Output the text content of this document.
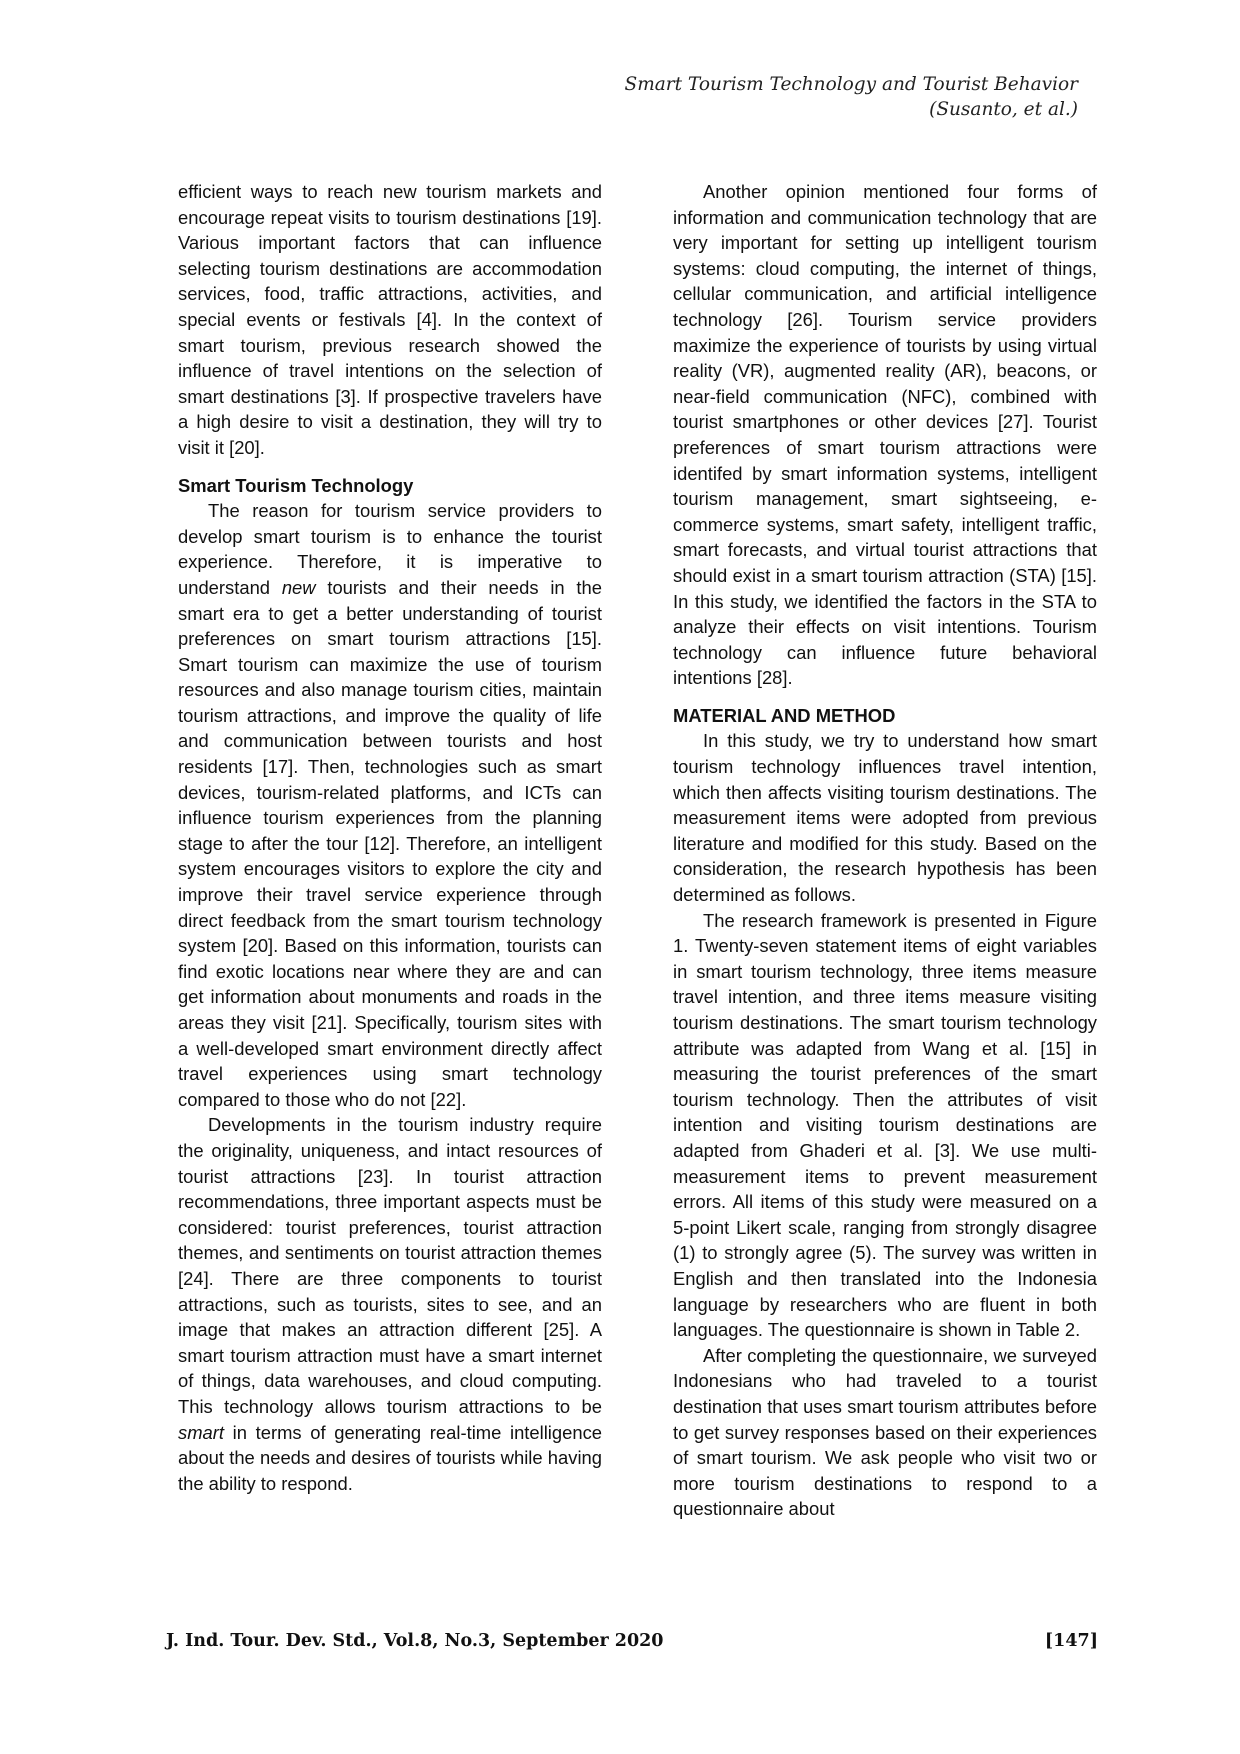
Smart Tourism Technology and Tourist Behavior
(Susanto, et al.)

efficient ways to reach new tourism markets and encourage repeat visits to tourism destinations [19]. Various important factors that can influence selecting tourism destinations are accommodation services, food, traffic attractions, activities, and special events or festivals [4]. In the context of smart tourism, previous research showed the influence of travel intentions on the selection of smart destinations [3]. If prospective travelers have a high desire to visit a destination, they will try to visit it [20].

Smart Tourism Technology

The reason for tourism service providers to develop smart tourism is to enhance the tourist experience. Therefore, it is imperative to understand new tourists and their needs in the smart era to get a better understanding of tourist preferences on smart tourism attractions [15]. Smart tourism can maximize the use of tourism resources and also manage tourism cities, maintain tourism attractions, and improve the quality of life and communication between tourists and host residents [17]. Then, technologies such as smart devices, tourism-related platforms, and ICTs can influence tourism experiences from the planning stage to after the tour [12]. Therefore, an intelligent system encourages visitors to explore the city and improve their travel service experience through direct feedback from the smart tourism technology system [20]. Based on this information, tourists can find exotic locations near where they are and can get information about monuments and roads in the areas they visit [21]. Specifically, tourism sites with a well-developed smart environment directly affect travel experiences using smart technology compared to those who do not [22].

Developments in the tourism industry require the originality, uniqueness, and intact resources of tourist attractions [23]. In tourist attraction recommendations, three important aspects must be considered: tourist preferences, tourist attraction themes, and sentiments on tourist attraction themes [24]. There are three components to tourist attractions, such as tourists, sites to see, and an image that makes an attraction different [25]. A smart tourism attraction must have a smart internet of things, data warehouses, and cloud computing. This technology allows tourism attractions to be smart in terms of generating real-time intelligence about the needs and desires of tourists while having the ability to respond.

Another opinion mentioned four forms of information and communication technology that are very important for setting up intelligent tourism systems: cloud computing, the internet of things, cellular communication, and artificial intelligence technology [26]. Tourism service providers maximize the experience of tourists by using virtual reality (VR), augmented reality (AR), beacons, or near-field communication (NFC), combined with tourist smartphones or other devices [27]. Tourist preferences of smart tourism attractions were identifed by smart information systems, intelligent tourism management, smart sightseeing, e-commerce systems, smart safety, intelligent traffic, smart forecasts, and virtual tourist attractions that should exist in a smart tourism attraction (STA) [15]. In this study, we identified the factors in the STA to analyze their effects on visit intentions. Tourism technology can influence future behavioral intentions [28].

MATERIAL AND METHOD

In this study, we try to understand how smart tourism technology influences travel intention, which then affects visiting tourism destinations. The measurement items were adopted from previous literature and modified for this study. Based on the consideration, the research hypothesis has been determined as follows.

The research framework is presented in Figure 1. Twenty-seven statement items of eight variables in smart tourism technology, three items measure travel intention, and three items measure visiting tourism destinations. The smart tourism technology attribute was adapted from Wang et al. [15] in measuring the tourist preferences of the smart tourism technology. Then the attributes of visit intention and visiting tourism destinations are adapted from Ghaderi et al. [3]. We use multi-measurement items to prevent measurement errors. All items of this study were measured on a 5-point Likert scale, ranging from strongly disagree (1) to strongly agree (5). The survey was written in English and then translated into the Indonesia language by researchers who are fluent in both languages. The questionnaire is shown in Table 2.

After completing the questionnaire, we surveyed Indonesians who had traveled to a tourist destination that uses smart tourism attributes before to get survey responses based on their experiences of smart tourism. We ask people who visit two or more tourism destinations to respond to a questionnaire about

J. Ind. Tour. Dev. Std., Vol.8, No.3, September 2020	[147]
